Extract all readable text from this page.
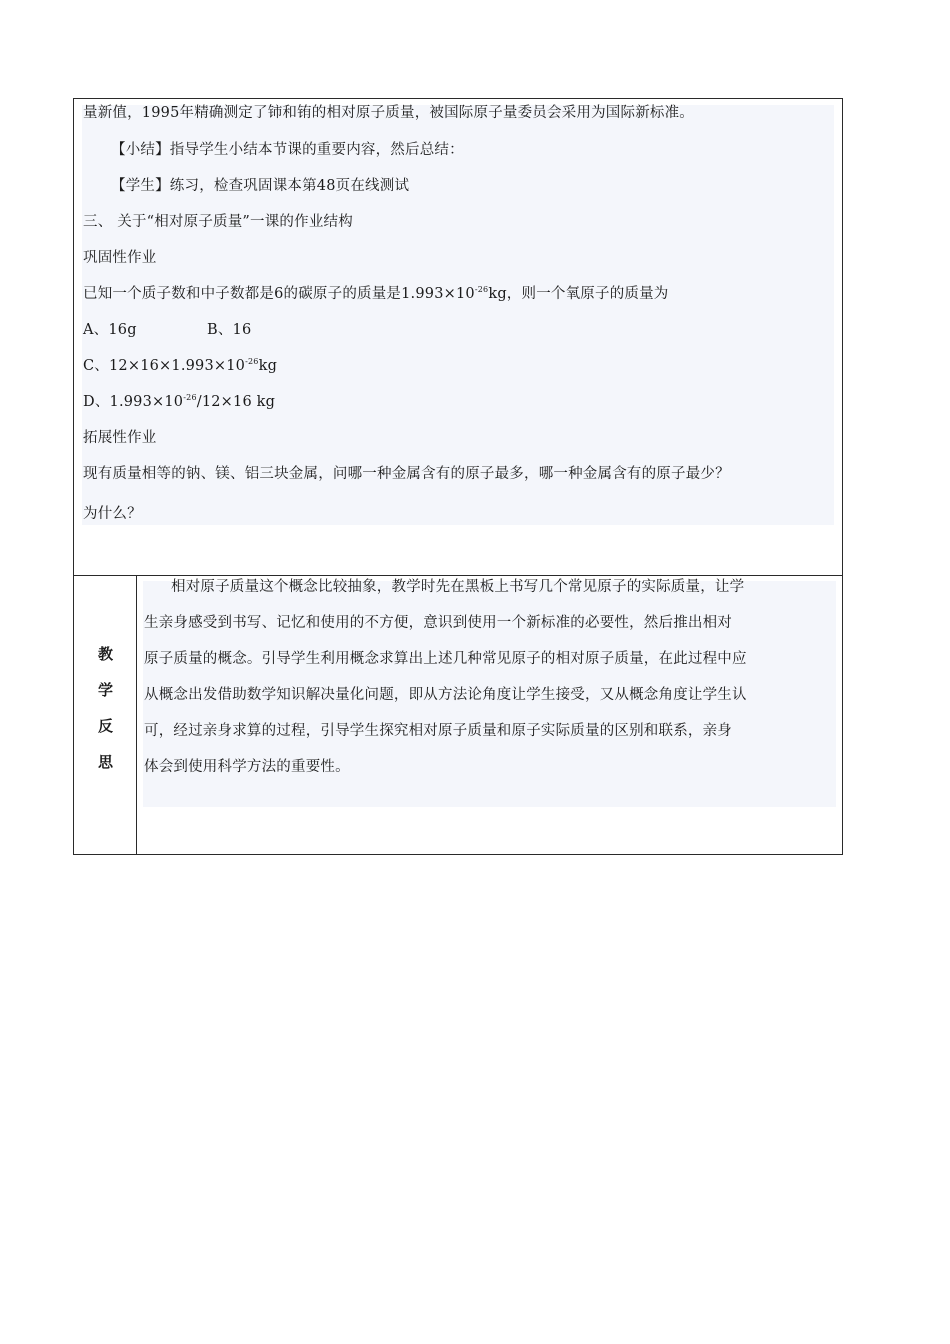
量新值，1995年精确测定了铈和铕的相对原子质量，被国际原子量委员会采用为国际新标准。
【小结】指导学生小结本节课的重要内容，然后总结：
【学生】练习，检查巩固课本第48页在线测试
三、 关于“相对原子质量”一课的作业结构
巩固性作业
已知一个质子数和中子数都是6的碳原子的质量是$1.993\times 10^{-26}kg$，则一个氧原子的质量为
A、16g	B、16
C、$12\times 16\times 1.993\times 10^{-26}kg$
D、$1.993\times 10^{-26}/12\times 16$ kg
拓展性作业
现有质量相等的钠、镁、铝三块金属，问哪一种金属含有的原子最多，哪一种金属含有的原子最少？
为什么？
教
学
反
思
相对原子质量这个概念比较抽象，教学时先在黑板上书写几个常见原子的实际质量，让学
生亲身感受到书写、记忆和使用的不方便，意识到使用一个新标准的必要性，然后推出相对
原子质量的概念。引导学生利用概念求算出上述几种常见原子的相对原子质量，在此过程中应
从概念出发借助数学知识解决量化问题，即从方法论角度让学生接受，又从概念角度让学生认
可，经过亲身求算的过程，引导学生探究相对原子质量和原子实际质量的区别和联系，亲身
体会到使用科学方法的重要性。
